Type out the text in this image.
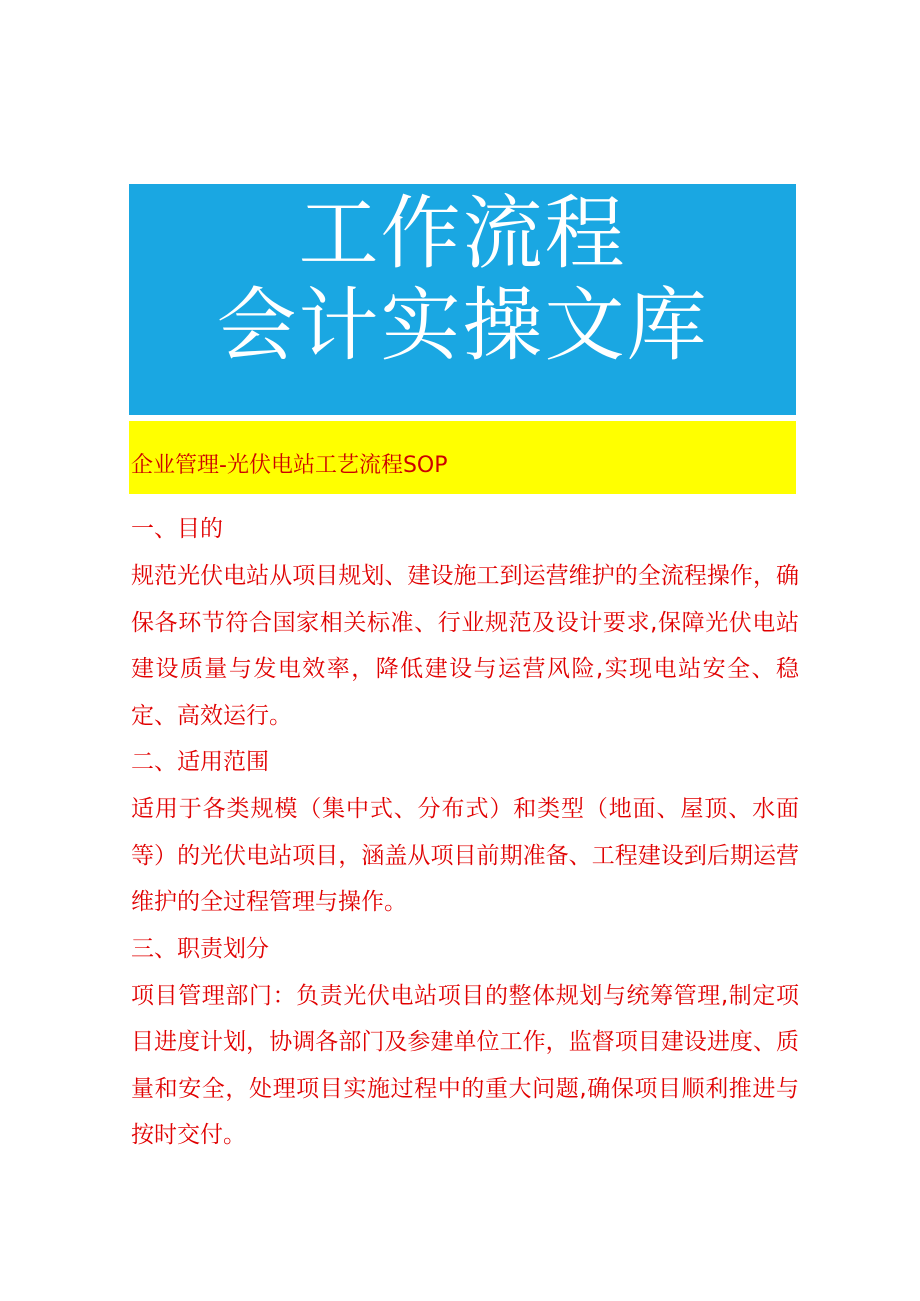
工作流程
会计实操文库
企业管理-光伏电站工艺流程SOP
一、目的

规范光伏电站从项目规划、建设施工到运营维护的全流程操作，确保各环节符合国家相关标准、行业规范及设计要求,保障光伏电站建设质量与发电效率，降低建设与运营风险,实现电站安全、稳定、高效运行。

二、适用范围

适用于各类规模（集中式、分布式）和类型（地面、屋顶、水面等）的光伏电站项目，涵盖从项目前期准备、工程建设到后期运营维护的全过程管理与操作。

三、职责划分

项目管理部门：负责光伏电站项目的整体规划与统筹管理,制定项目进度计划，协调各部门及参建单位工作，监督项目建设进度、质量和安全，处理项目实施过程中的重大问题,确保项目顺利推进与按时交付。
